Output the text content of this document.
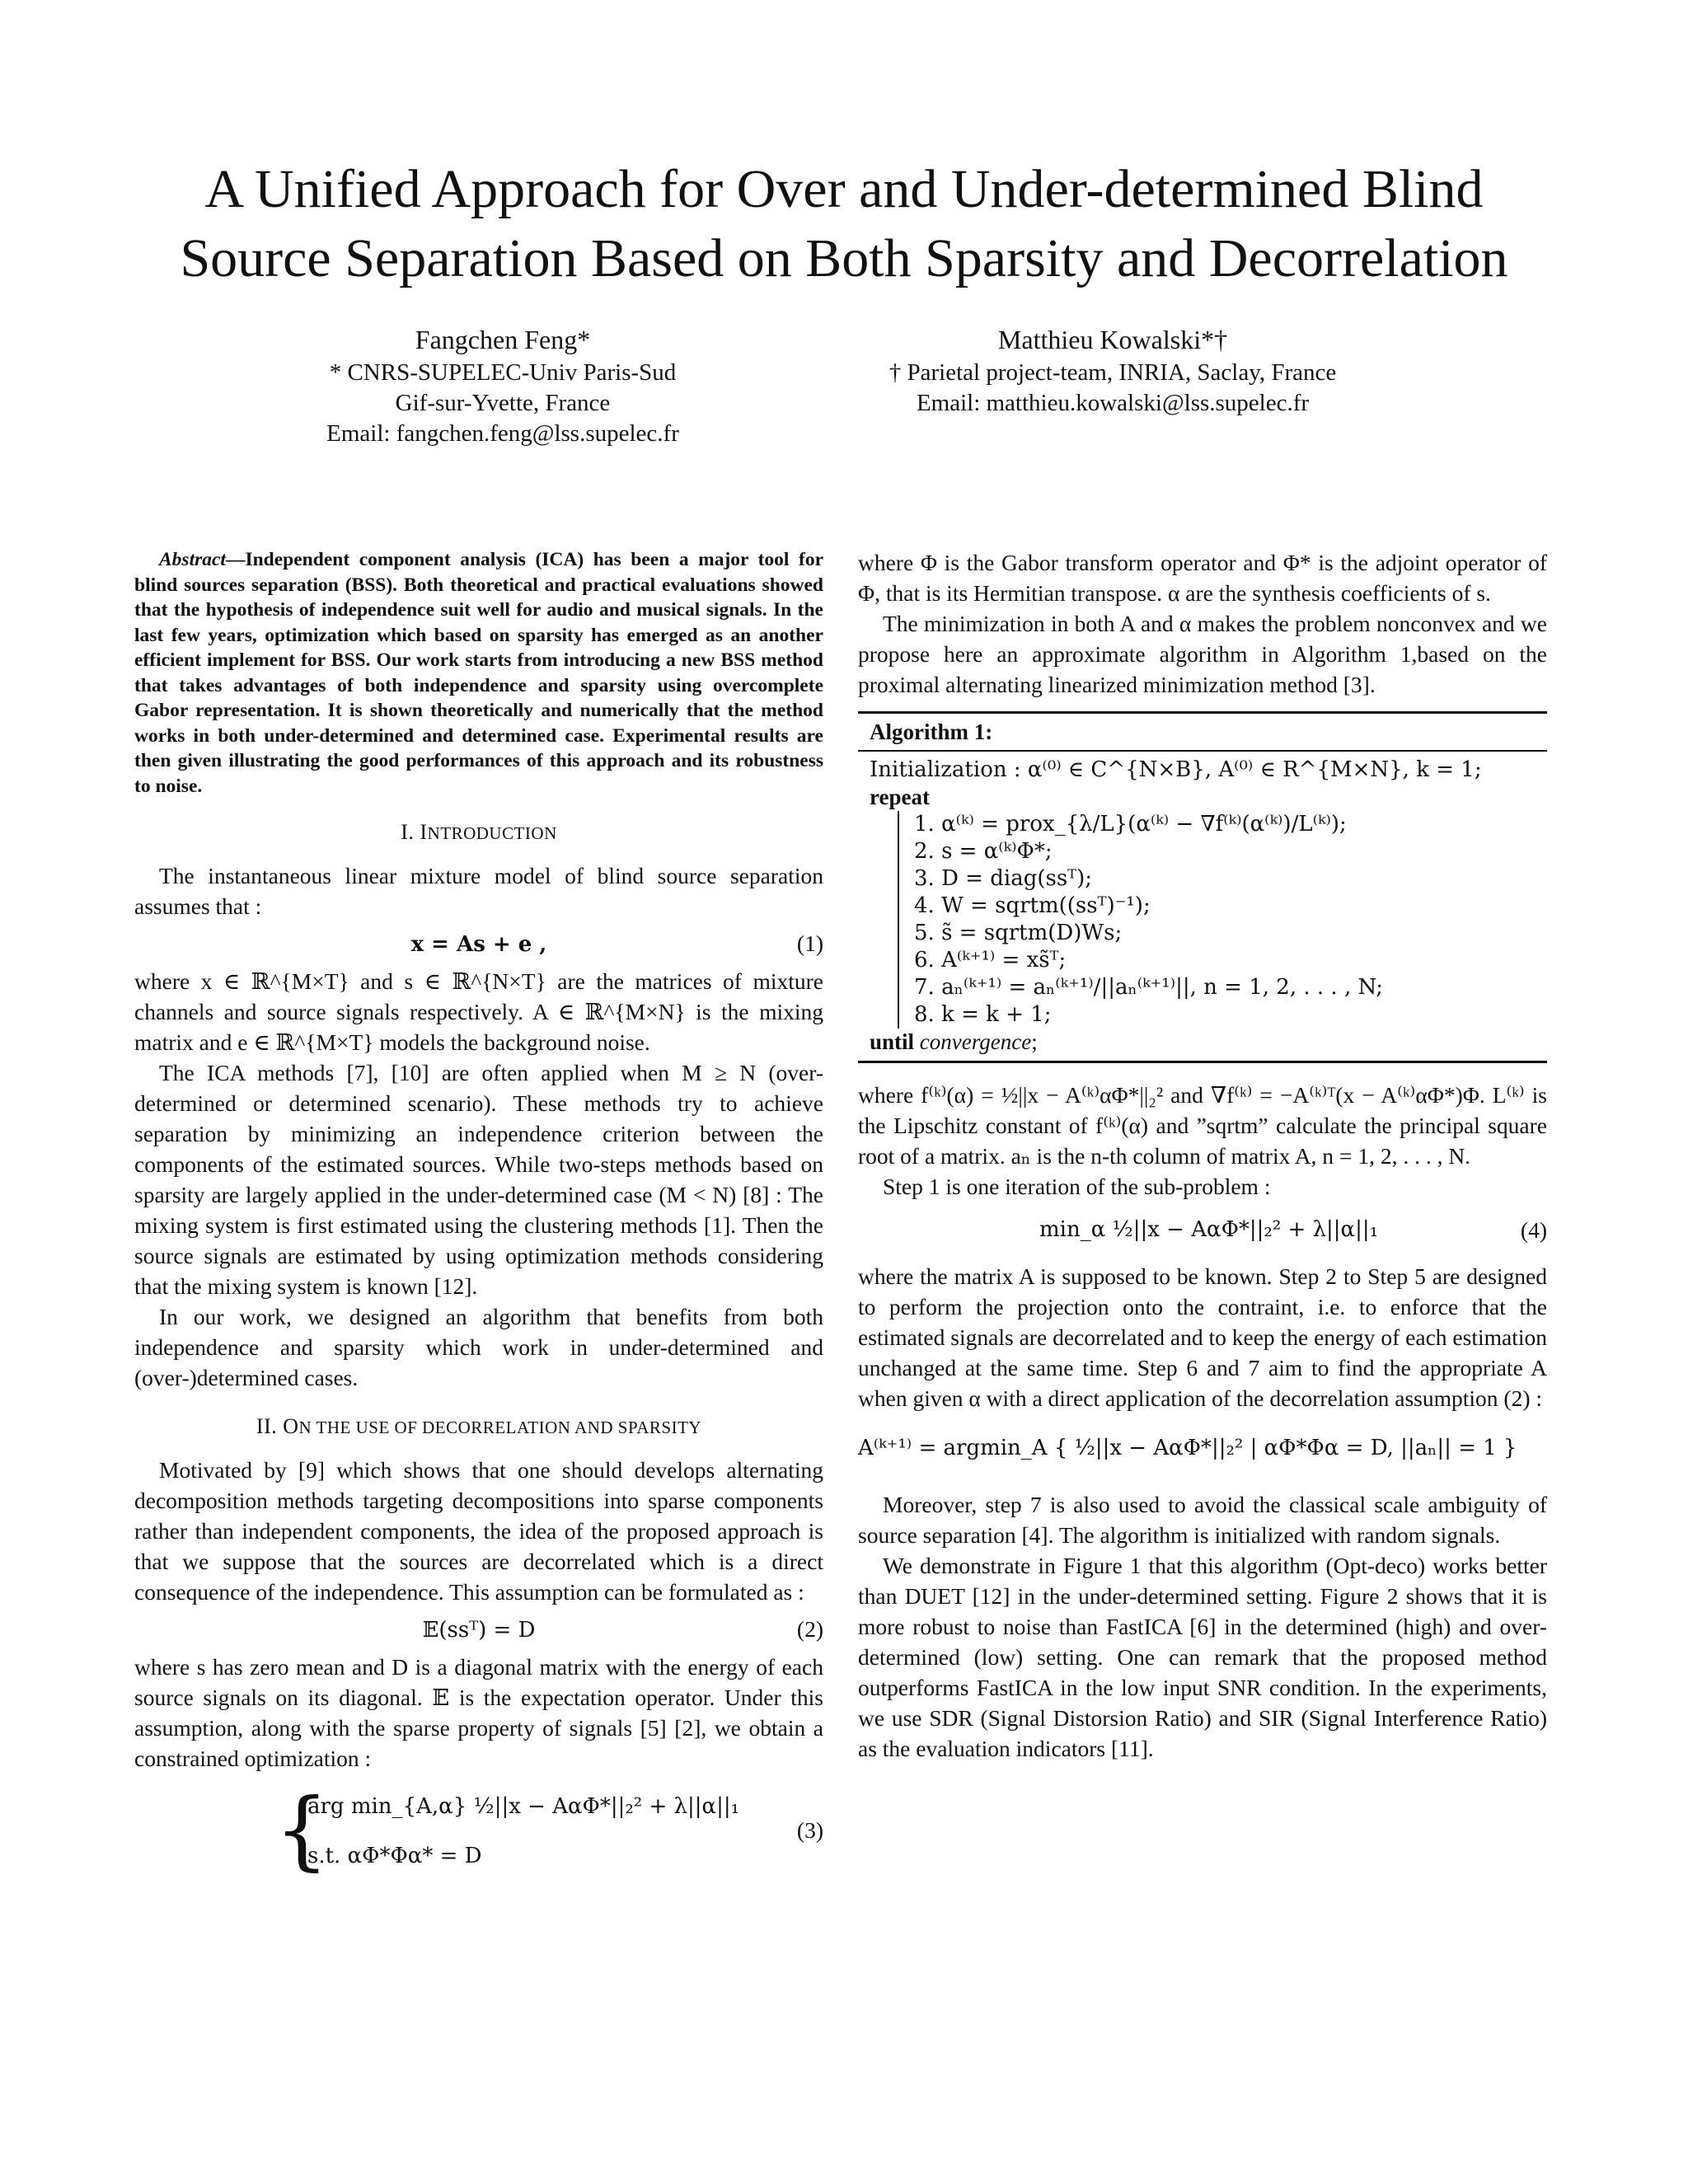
A Unified Approach for Over and Under-determined Blind
Source Separation Based on Both Sparsity and Decorrelation
Fangchen Feng*
* CNRS-SUPELEC-Univ Paris-Sud
Gif-sur-Yvette, France
Email: fangchen.feng@lss.supelec.fr
Matthieu Kowalski*†
† Parietal project-team, INRIA, Saclay, France
Email: matthieu.kowalski@lss.supelec.fr

Abstract—Independent component analysis (ICA) has been a major tool for blind sources separation (BSS). Both theoretical and practical evaluations showed that the hypothesis of independence suit well for audio and musical signals. In the last few years, optimization which based on sparsity has emerged as an another efficient implement for BSS. Our work starts from introducing a new BSS method that takes advantages of both independence and sparsity using overcomplete Gabor representation. It is shown theoretically and numerically that the method works in both under-determined and determined case. Experimental results are then given illustrating the good performances of this approach and its robustness to noise.

I. INTRODUCTION

The instantaneous linear mixture model of blind source separation assumes that :

x = As + e ,	(1)

where x ∈ ℝ^{M×T} and s ∈ ℝ^{N×T} are the matrices of mixture channels and source signals respectively. A ∈ ℝ^{M×N} is the mixing matrix and e ∈ ℝ^{M×T} models the background noise.

The ICA methods [7], [10] are often applied when M ≥ N (over-determined or determined scenario). These methods try to achieve separation by minimizing an independence criterion between the components of the estimated sources. While two-steps methods based on sparsity are largely applied in the under-determined case (M < N) [8] : The mixing system is first estimated using the clustering methods [1]. Then the source signals are estimated by using optimization methods considering that the mixing system is known [12].

In our work, we designed an algorithm that benefits from both independence and sparsity which work in under-determined and (over-)determined cases.

II. ON THE USE OF DECORRELATION AND SPARSITY

Motivated by [9] which shows that one should develops alternating decomposition methods targeting decompositions into sparse components rather than independent components, the idea of the proposed approach is that we suppose that the sources are decorrelated which is a direct consequence of the independence. This assumption can be formulated as :

𝔼(ssᵀ) = D	(2)

where s has zero mean and D is a diagonal matrix with the energy of each source signals on its diagonal. 𝔼 is the expectation operator. Under this assumption, along with the sparse property of signals [5] [2], we obtain a constrained optimization :

{
arg min_{A,α} ½||x − AαΦ*||₂² + λ||α||₁
s.t. αΦ*Φα* = D
(3)

where Φ is the Gabor transform operator and Φ* is the adjoint operator of Φ, that is its Hermitian transpose. α are the synthesis coefficients of s.

The minimization in both A and α makes the problem nonconvex and we propose here an approximate algorithm in Algorithm 1,based on the proximal alternating linearized minimization method [3].

Algorithm 1:
Initialization : α⁽⁰⁾ ∈ C^{N×B}, A⁽⁰⁾ ∈ R^{M×N}, k = 1;
repeat
1. α⁽ᵏ⁾ = prox_{λ/L}(α⁽ᵏ⁾ − ∇f⁽ᵏ⁾(α⁽ᵏ⁾)/L⁽ᵏ⁾);
2. s = α⁽ᵏ⁾Φ*;
3. D = diag(ssᵀ);
4. W = sqrtm((ssᵀ)⁻¹);
5. s̃ = sqrtm(D)Ws;
6. A⁽ᵏ⁺¹⁾ = xs̃ᵀ;
7. aₙ⁽ᵏ⁺¹⁾ = aₙ⁽ᵏ⁺¹⁾/||aₙ⁽ᵏ⁺¹⁾||, n = 1, 2, . . . , N;
8. k = k + 1;
until convergence;

where f⁽ᵏ⁾(α) = ½||x − A⁽ᵏ⁾αΦ*||₂² and ∇f⁽ᵏ⁾ = −A⁽ᵏ⁾ᵀ(x − A⁽ᵏ⁾αΦ*)Φ. L⁽ᵏ⁾ is the Lipschitz constant of f⁽ᵏ⁾(α) and ”sqrtm” calculate the principal square root of a matrix. aₙ is the n-th column of matrix A, n = 1, 2, . . . , N.

Step 1 is one iteration of the sub-problem :

min_α ½||x − AαΦ*||₂² + λ||α||₁	(4)

where the matrix A is supposed to be known. Step 2 to Step 5 are designed to perform the projection onto the contraint, i.e. to enforce that the estimated signals are decorrelated and to keep the energy of each estimation unchanged at the same time. Step 6 and 7 aim to find the appropriate A when given α with a direct application of the decorrelation assumption (2) :

A⁽ᵏ⁺¹⁾ = argmin_A { ½||x − AαΦ*||₂² | αΦ*Φα = D, ||aₙ|| = 1 }

Moreover, step 7 is also used to avoid the classical scale ambiguity of source separation [4]. The algorithm is initialized with random signals.

We demonstrate in Figure 1 that this algorithm (Opt-deco) works better than DUET [12] in the under-determined setting. Figure 2 shows that it is more robust to noise than FastICA [6] in the determined (high) and over-determined (low) setting. One can remark that the proposed method outperforms FastICA in the low input SNR condition. In the experiments, we use SDR (Signal Distorsion Ratio) and SIR (Signal Interference Ratio) as the evaluation indicators [11].
